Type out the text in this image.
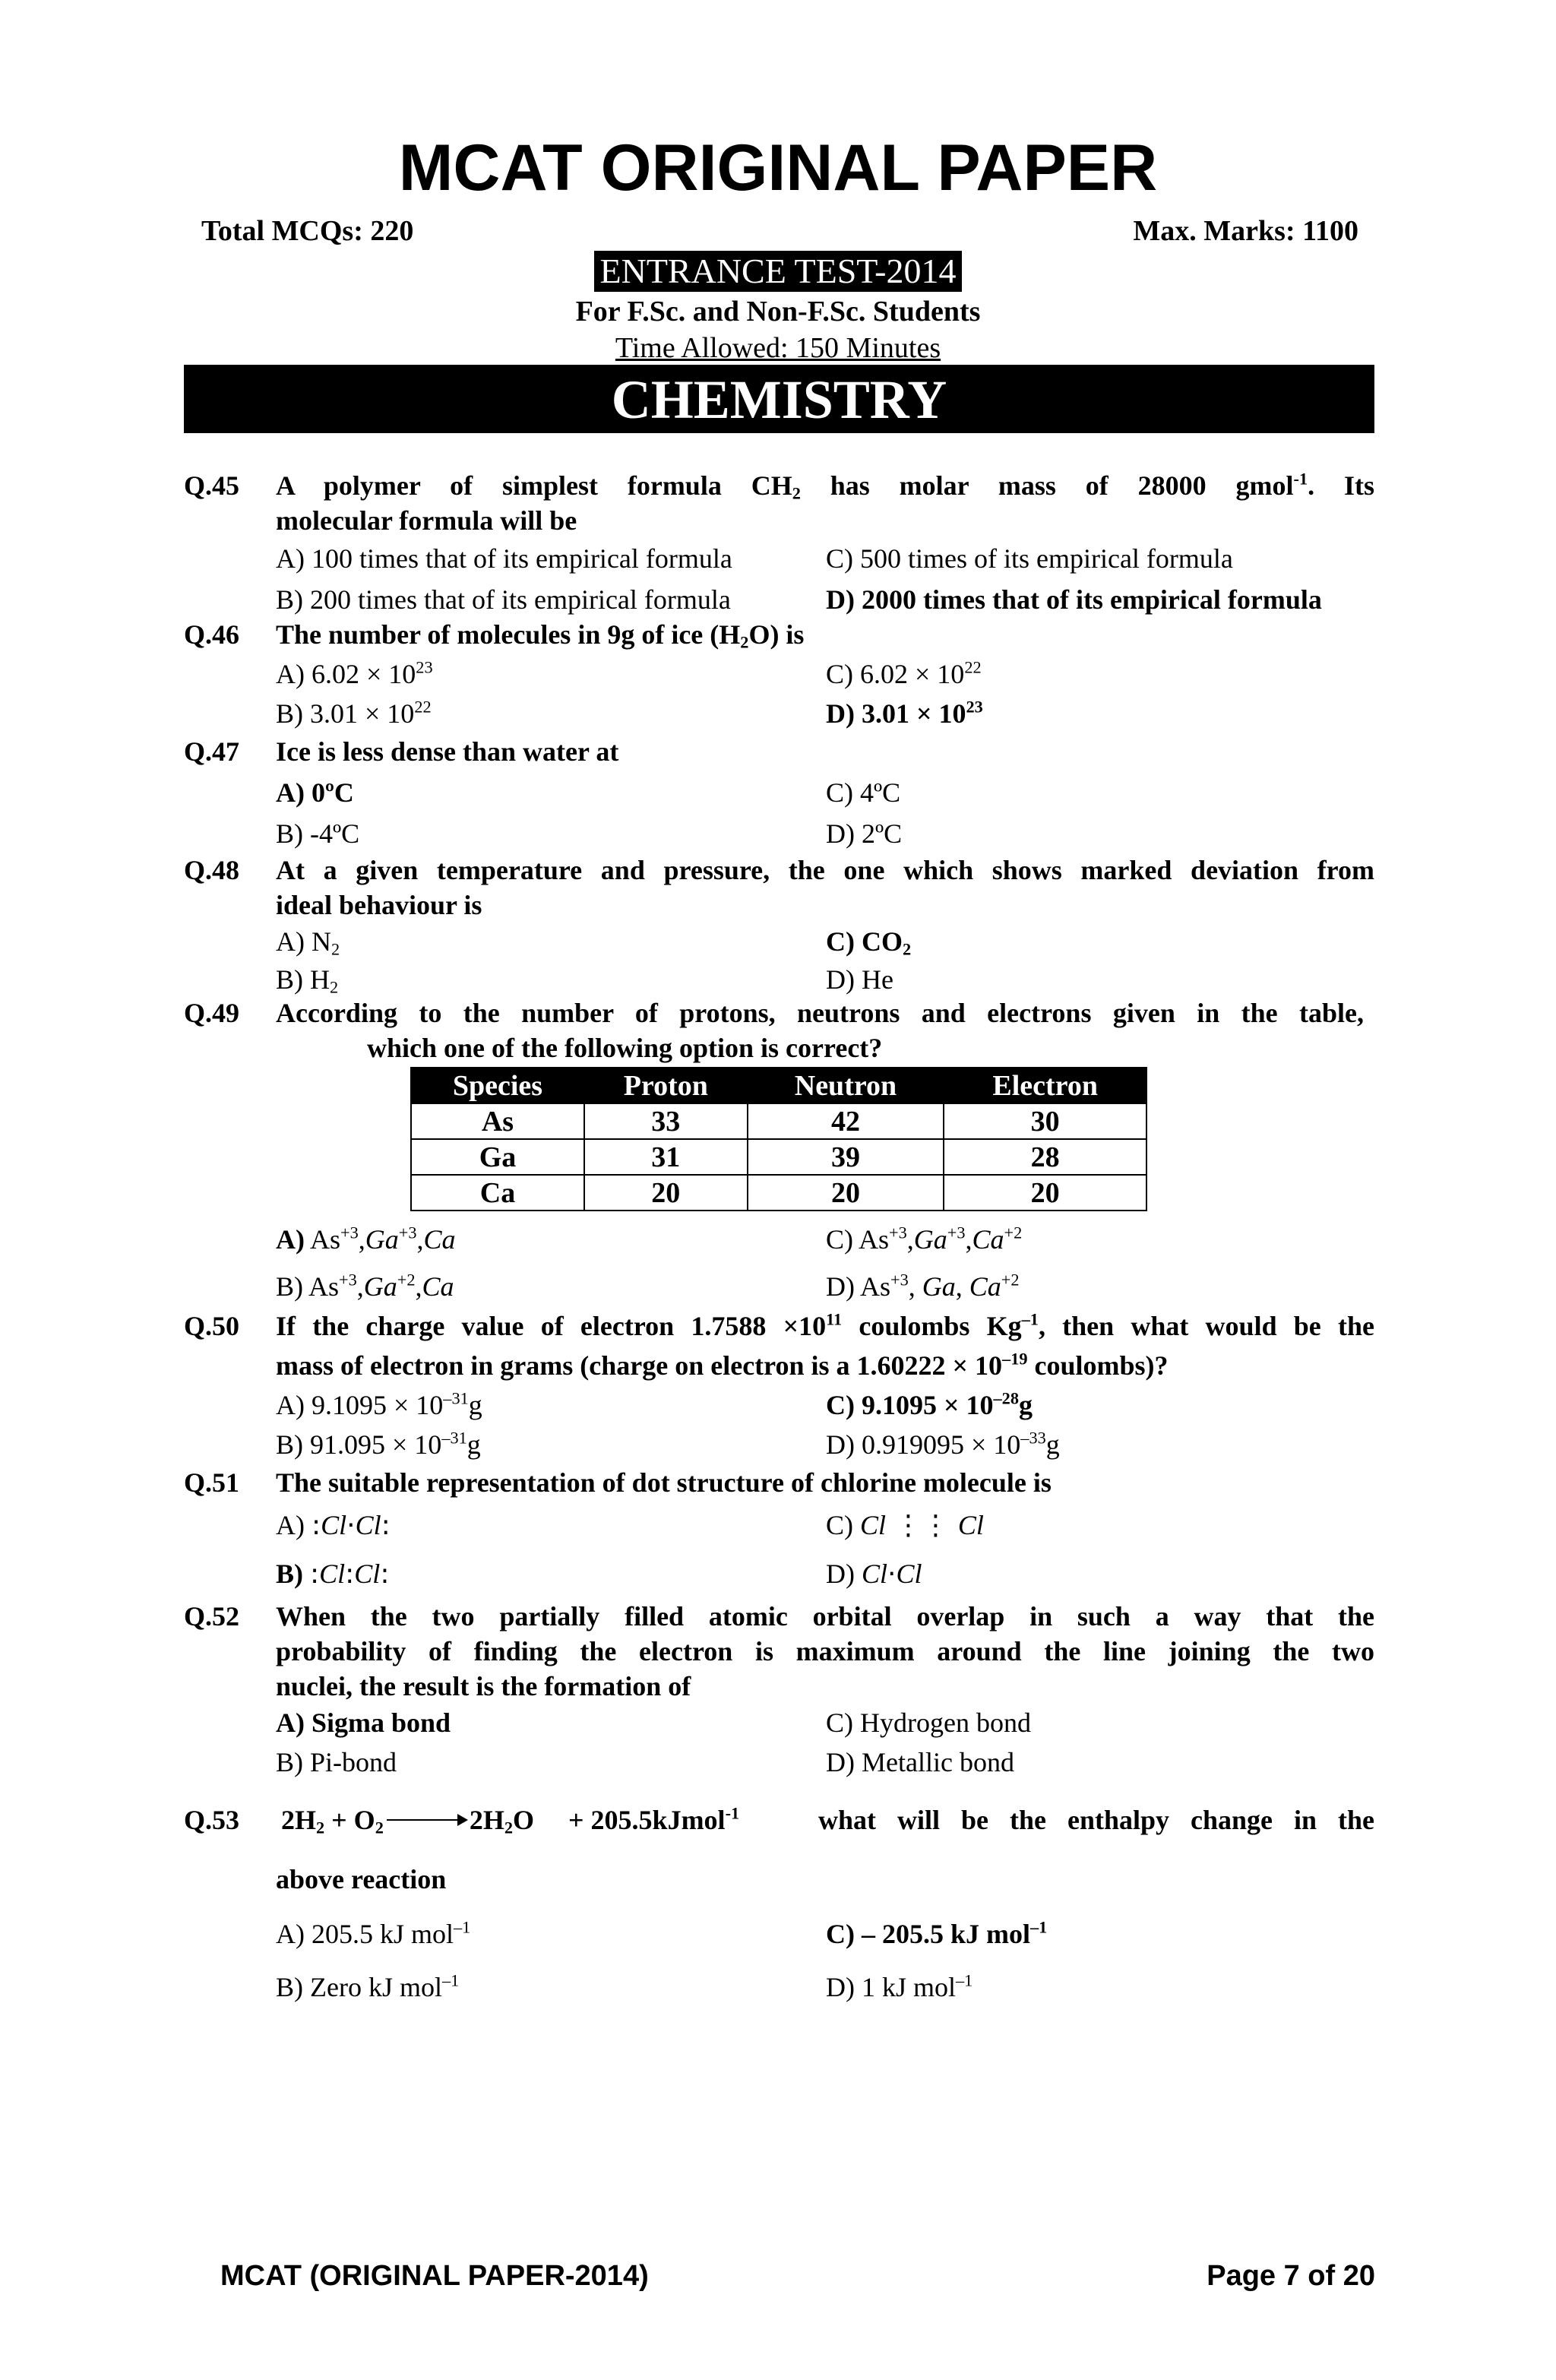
MCAT ORIGINAL PAPER
Total MCQs: 220	Max. Marks: 1100
ENTRANCE TEST-2014
For F.Sc. and Non-F.Sc. Students
Time Allowed: 150 Minutes
CHEMISTRY
Q.45 A polymer of simplest formula $CH_2$ has molar mass of 28000 gmol$^{-1}$. Its
molecular formula will be
A) 100 times that of its empirical formula	C) 500 times of its empirical formula
B) 200 times that of its empirical formula	D) 2000 times that of its empirical formula
Q.46 The number of molecules in 9g of ice $(H_2O)$ is
A) $6.02 \times 10^{23}$	C) $6.02 \times 10^{22}$
B) $3.01 \times 10^{22}$	D) $3.01 \times 10^{23}$
Q.47 Ice is less dense than water at
A) 0ºC	C) 4ºC
B) -4ºC	D) 2ºC
Q.48 At a given temperature and pressure, the one which shows marked deviation from
ideal behaviour is
A) $N_2$	C) $CO_2$
B) $H_2$	D) He
Q.49 According to the number of protons, neutrons and electrons given in the table,
which one of the following option is correct?
Species	Proton	Neutron	Electron
As	33	42	30
Ga	31	39	28
Ca	20	20	20
A) $As^{+3},Ga^{+3},Ca$	C) $As^{+3},Ga^{+3},Ca^{+2}$
B) $As^{+3},Ga^{+2},Ca$	D) $As^{+3}$, Ga, $Ca^{+2}$
Q.50 If the charge value of electron $1.7588 \times 10^{11}$ coulombs $Kg^{-1}$, then what would be the
mass of electron in grams (charge on electron is a $1.60222 \times 10^{-19}$ coulombs)?
A) $9.1095 \times 10^{-31}g$	C) $9.1095 \times 10^{-28}g$
B) $91.095 \times 10^{-31}g$	D) $0.919095 \times 10^{-33}g$
Q.51 The suitable representation of dot structure of chlorine molecule is
A) :Cl·Cl:	C) Cl ⋮⋮ Cl
B) :Cl:Cl:	D) Cl·Cl
Q.52 When the two partially filled atomic orbital overlap in such a way that the
probability of finding the electron is maximum around the line joining the two
nuclei, the result is the formation of
A) Sigma bond	C) Hydrogen bond
B) Pi-bond	D) Metallic bond
Q.53 $2H_2 + O_2$	$2H_2O$     + 205.5kJmol$^{-1}$	what will be the enthalpy change in the
above reaction
A) 205.5 kJ mol$^{-1}$	C) – 205.5 kJ mol$^{-1}$
B) Zero kJ mol$^{-1}$	D) 1 kJ mol$^{-1}$
MCAT (ORIGINAL PAPER-2014)	Page 7 of 20
